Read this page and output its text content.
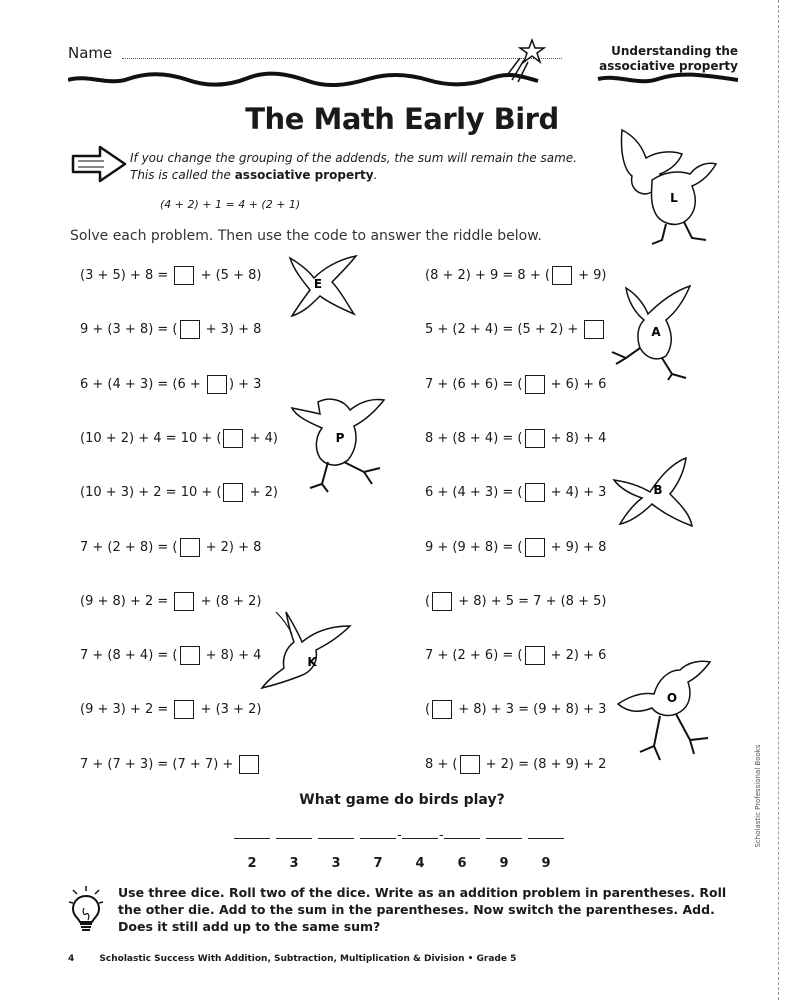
Name	Understanding the
associative property
The Math Early Bird
If you change the grouping of the addends, the sum will remain the same.
This is called the associative property.
(4 + 2) + 1 = 4 + (2 + 1)
Solve each problem. Then use the code to answer the riddle below.
(3 + 5) + 8 =  + (5 + 8)
9 + (3 + 8) = ( + 3) + 8
6 + (4 + 3) = (6 + ) + 3
(10 + 2) + 4 = 10 + ( + 4)
(10 + 3) + 2 = 10 + ( + 2)
7 + (2 + 8) = ( + 2) + 8
(9 + 8) + 2 =  + (8 + 2)
7 + (8 + 4) = ( + 8) + 4
(9 + 3) + 2 =  + (3 + 2)
7 + (7 + 3) = (7 + 7) +
(8 + 2) + 9 = 8 + ( + 9)
5 + (2 + 4) = (5 + 2) +
7 + (6 + 6) = ( + 6) + 6
8 + (8 + 4) = ( + 8) + 4
6 + (4 + 3) = ( + 4) + 3
9 + (9 + 8) = ( + 9) + 8
( + 8) + 5 = 7 + (8 + 5)
7 + (2 + 6) = ( + 2) + 6
( + 8) + 3 = (9 + 8) + 3
8 + ( + 2) = (8 + 9) + 2
E
A
P
B
K
O
L
What game do birds play?
2	3	3	7	4	6	9	9
-	-
Use three dice. Roll two of the dice. Write as an addition problem in parentheses. Roll
the other die. Add to the sum in the parentheses. Now switch the parentheses. Add.
Does it still add up to the same sum?
4	Scholastic Success With Addition, Subtraction, Multiplication & Division • Grade 5
Scholastic Professional Books
